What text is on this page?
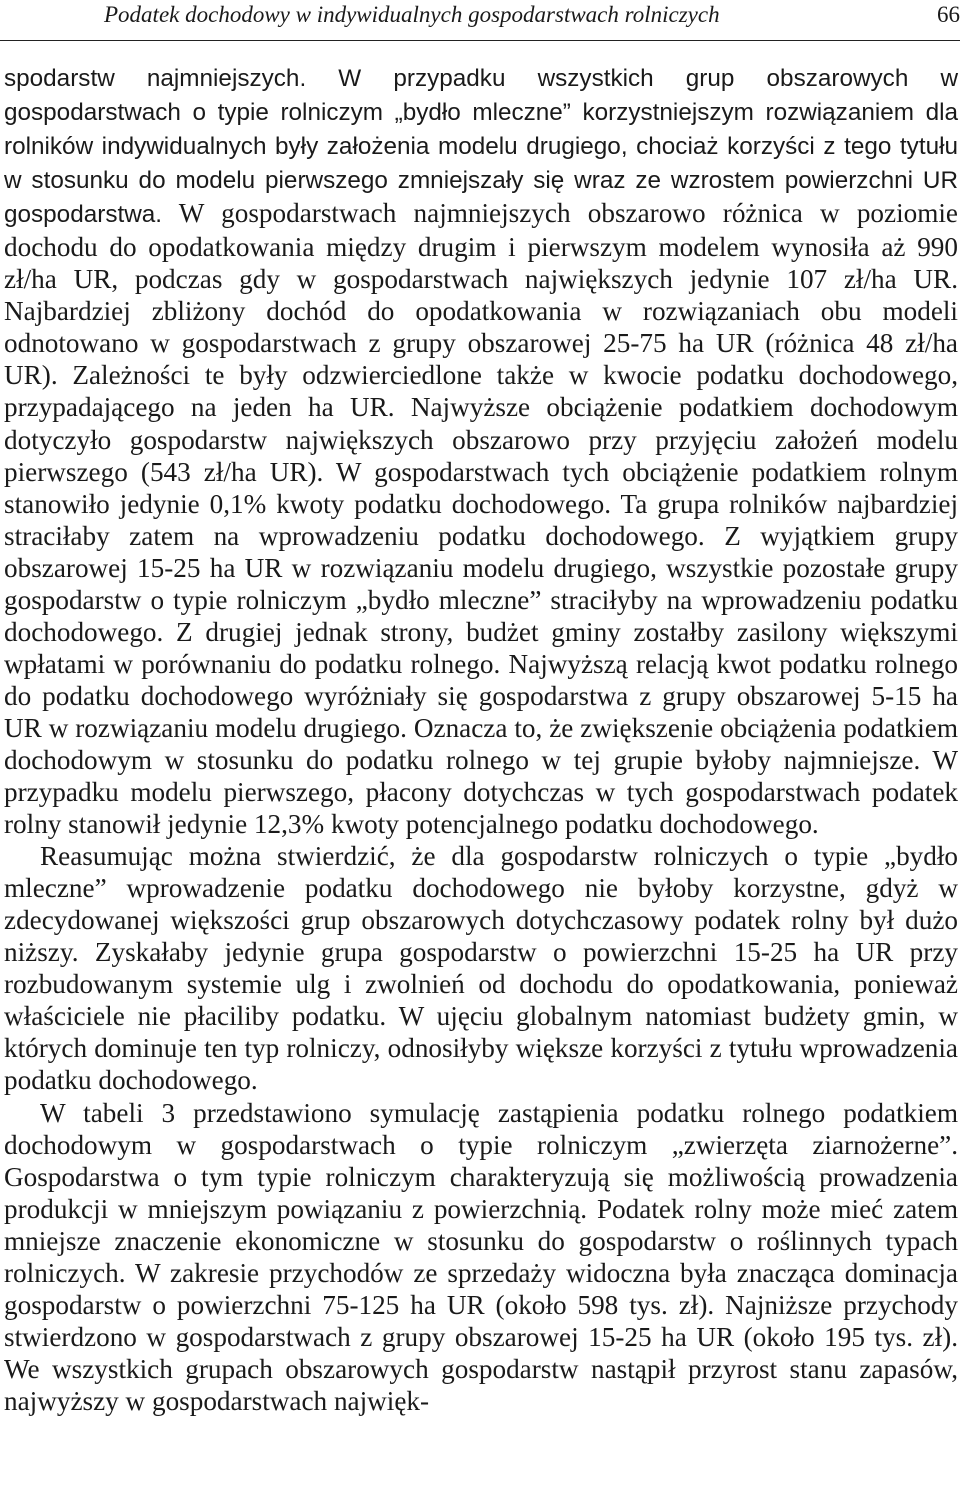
Podatek dochodowy w indywidualnych gospodarstwach rolniczych	66

spodarstw najmniejszych. W przypadku wszystkich grup obszarowych w gospodarstwach o typie rolniczym „bydło mleczne” korzystniejszym rozwiązaniem dla rolników indywidualnych były założenia modelu drugiego, chociaż korzyści z tego tytułu w stosunku do modelu pierwszego zmniejszały się wraz ze wzrostem powierzchni UR gospodarstwa. W gospodarstwach najmniejszych obszarowo różnica w poziomie dochodu do opodatkowania między drugim i pierwszym modelem wynosiła aż 990 zł/ha UR, podczas gdy w gospodarstwach największych jedynie 107 zł/ha UR. Najbardziej zbliżony dochód do opodatkowania w rozwiązaniach obu modeli odnotowano w gospodarstwach z grupy obszarowej 25-75 ha UR (różnica 48 zł/ha UR). Zależności te były odzwierciedlone także w kwocie podatku dochodowego, przypadającego na jeden ha UR. Najwyższe obciążenie podatkiem dochodowym dotyczyło gospodarstw największych obszarowo przy przyjęciu założeń modelu pierwszego (543 zł/ha UR). W gospodarstwach tych obciążenie podatkiem rolnym stanowiło jedynie 0,1% kwoty podatku dochodowego. Ta grupa rolników najbardziej straciłaby zatem na wprowadzeniu podatku dochodowego. Z wyjątkiem grupy obszarowej 15-25 ha UR w rozwiązaniu modelu drugiego, wszystkie pozostałe grupy gospodarstw o typie rolniczym „bydło mleczne” straciłyby na wprowadzeniu podatku dochodowego. Z drugiej jednak strony, budżet gminy zostałby zasilony większymi wpłatami w porównaniu do podatku rolnego. Najwyższą relacją kwot podatku rolnego do podatku dochodowego wyróżniały się gospodarstwa z grupy obszarowej 5-15 ha UR w rozwiązaniu modelu drugiego. Oznacza to, że zwiększenie obciążenia podatkiem dochodowym w stosunku do podatku rolnego w tej grupie byłoby najmniejsze. W przypadku modelu pierwszego, płacony dotychczas w tych gospodarstwach podatek rolny stanowił jedynie 12,3% kwoty potencjalnego podatku dochodowego.

Reasumując można stwierdzić, że dla gospodarstw rolniczych o typie „bydło mleczne” wprowadzenie podatku dochodowego nie byłoby korzystne, gdyż w zdecydowanej większości grup obszarowych dotychczasowy podatek rolny był dużo niższy. Zyskałaby jedynie grupa gospodarstw o powierzchni 15-25 ha UR przy rozbudowanym systemie ulg i zwolnień od dochodu do opodatkowania, ponieważ właściciele nie płaciliby podatku. W ujęciu globalnym natomiast budżety gmin, w których dominuje ten typ rolniczy, odnosiłyby większe korzyści z tytułu wprowadzenia podatku dochodowego.

W tabeli 3 przedstawiono symulację zastąpienia podatku rolnego podatkiem dochodowym w gospodarstwach o typie rolniczym „zwierzęta ziarnożerne”. Gospodarstwa o tym typie rolniczym charakteryzują się możliwością prowadzenia produkcji w mniejszym powiązaniu z powierzchnią. Podatek rolny może mieć zatem mniejsze znaczenie ekonomiczne w stosunku do gospodarstw o roślinnych typach rolniczych. W zakresie przychodów ze sprzedaży widoczna była znacząca dominacja gospodarstw o powierzchni 75-125 ha UR (około 598 tys. zł). Najniższe przychody stwierdzono w gospodarstwach z grupy obszarowej 15-25 ha UR (około 195 tys. zł). We wszystkich grupach obszarowych gospodarstw nastąpił przyrost stanu zapasów, najwyższy w gospodarstwach najwięk-
